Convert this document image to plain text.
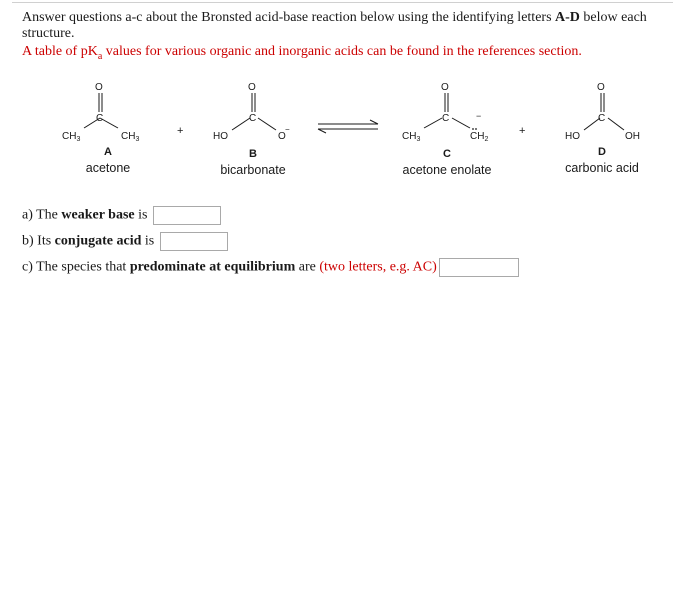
Answer questions a-c about the Bronsted acid-base reaction below using the identifying letters A-D below each structure.
A table of $pK_a$ values for various organic and inorganic acids can be found in the references section.
O
C
$CH_3$	$CH_3$
+
O
C
HO	O
−
O
C
$CH_3$	$CH_2$
−
+
O
C
HO	OH
A
acetone
B
bicarbonate
C
acetone enolate
D
carbonic acid
a) The weaker base is
b) Its conjugate acid is
c) The species that predominate at equilibrium are (two letters, e.g. AC)
